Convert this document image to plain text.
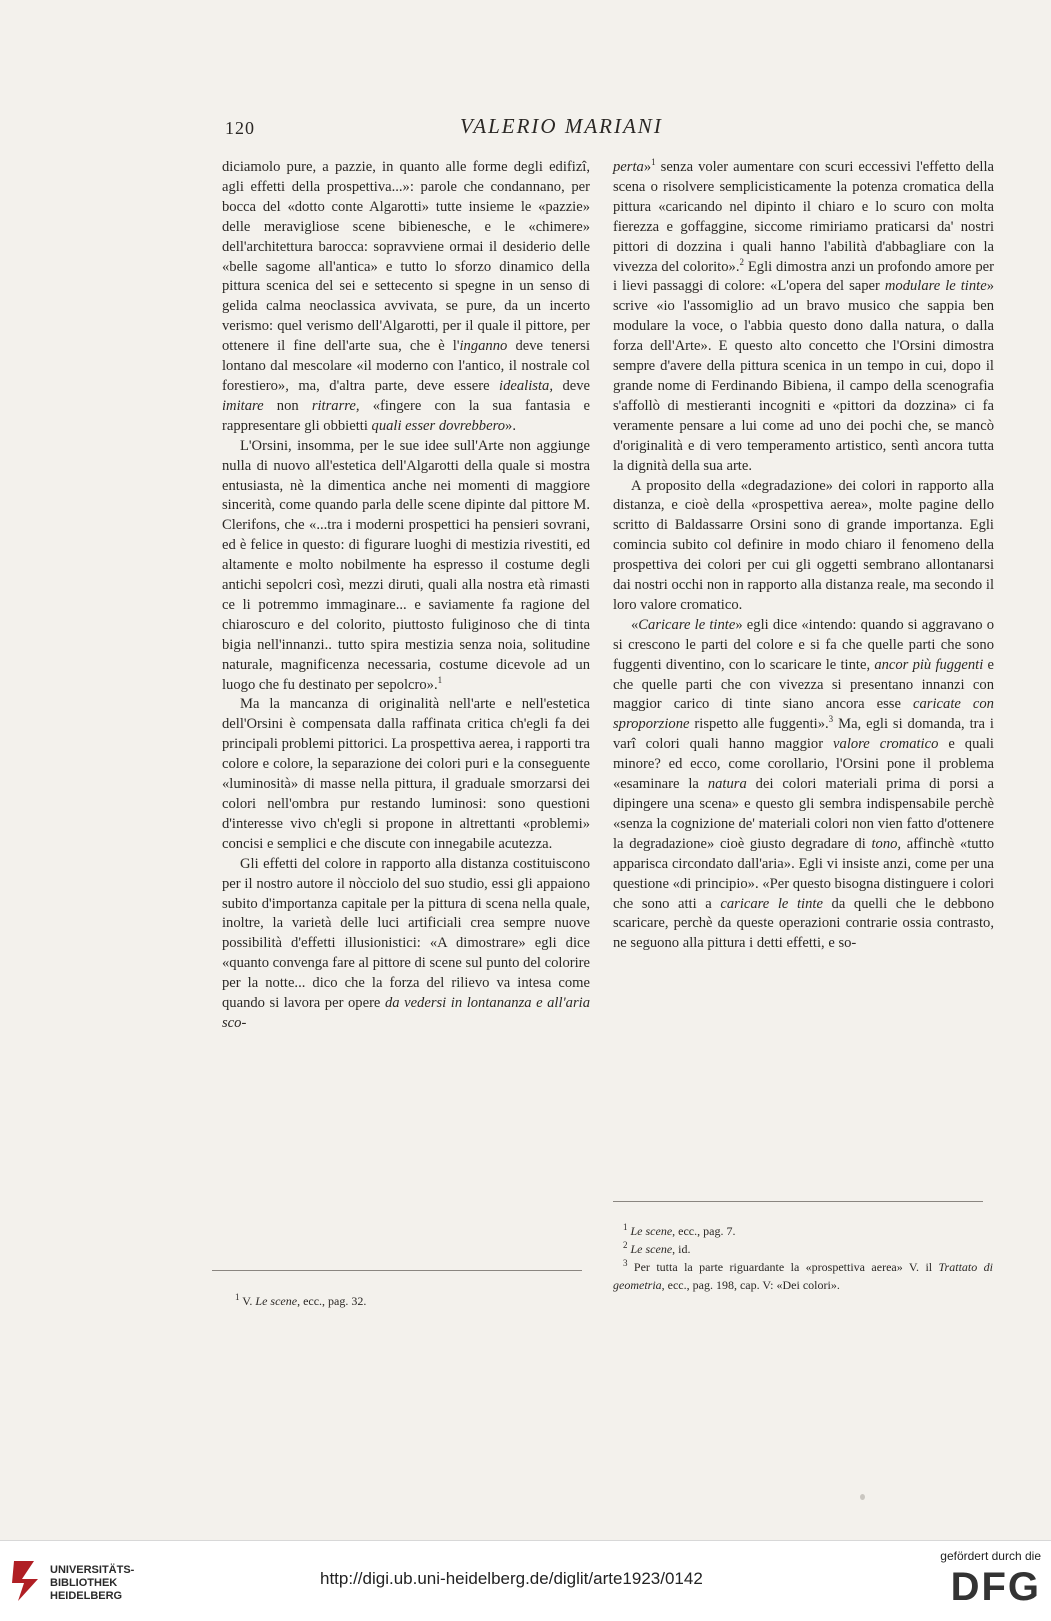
120	VALERIO MARIANI

diciamolo pure, a pazzie, in quanto alle forme degli edifizî, agli effetti della prospettiva...»: parole che condannano, per bocca del «dotto conte Algarotti» tutte insieme le «pazzie» delle meravigliose scene bibienesche, e le «chimere» dell'architettura barocca: sopravviene ormai il desiderio delle «belle sagome all'antica» e tutto lo sforzo dinamico della pittura scenica del sei e settecento si spegne in un senso di gelida calma neoclassica avvivata, se pure, da un incerto verismo: quel verismo dell'Algarotti, per il quale il pittore, per ottenere il fine dell'arte sua, che è l'inganno deve tenersi lontano dal mescolare «il moderno con l'antico, il nostrale col forestiero», ma, d'altra parte, deve essere idealista, deve imitare non ritrarre, «fingere con la sua fantasia e rappresentare gli obbietti quali esser dovrebbero».

L'Orsini, insomma, per le sue idee sull'Arte non aggiunge nulla di nuovo all'estetica dell'Algarotti della quale si mostra entusiasta, nè la dimentica anche nei momenti di maggiore sincerità, come quando parla delle scene dipinte dal pittore M. Clerifons, che «...tra i moderni prospettici ha pensieri sovrani, ed è felice in questo: di figurare luoghi di mestizia rivestiti, ed altamente e molto nobilmente ha espresso il costume degli antichi sepolcri così, mezzi diruti, quali alla nostra età rimasti ce li potremmo immaginare... e saviamente fa ragione del chiaroscuro e del colorito, piuttosto fuliginoso che di tinta bigia nell'innanzi.. tutto spira mestizia senza noia, solitudine naturale, magnificenza necessaria, costume dicevole ad un luogo che fu destinato per sepolcro».$^1$

Ma la mancanza di originalità nell'arte e nell'estetica dell'Orsini è compensata dalla raffinata critica ch'egli fa dei principali problemi pittorici. La prospettiva aerea, i rapporti tra colore e colore, la separazione dei colori puri e la conseguente «luminosità» di masse nella pittura, il graduale smorzarsi dei colori nell'ombra pur restando luminosi: sono questioni d'interesse vivo ch'egli si propone in altrettanti «problemi» concisi e semplici e che discute con innegabile acutezza.

Gli effetti del colore in rapporto alla distanza costituiscono per il nostro autore il nòcciolo del suo studio, essi gli appaiono subito d'importanza capitale per la pittura di scena nella quale, inoltre, la varietà delle luci artificiali crea sempre nuove possibilità d'effetti illusionistici: «A dimostrare» egli dice «quanto convenga fare al pittore di scene sul punto del colorire per la notte... dico che la forza del rilievo va intesa come quando si lavora per opere da vedersi in lontananza e all'aria sco-

perta»$^1$ senza voler aumentare con scuri eccessivi l'effetto della scena o risolvere semplicisticamente la potenza cromatica della pittura «caricando nel dipinto il chiaro e lo scuro con molta fierezza e goffaggine, siccome rimiriamo praticarsi da' nostri pittori di dozzina i quali hanno l'abilità d'abbagliare con la vivezza del colorito».$^2$ Egli dimostra anzi un profondo amore per i lievi passaggi di colore: «L'opera del saper modulare le tinte» scrive «io l'assomiglio ad un bravo musico che sappia ben modulare la voce, o l'abbia questo dono dalla natura, o dalla forza dell'Arte». E questo alto concetto che l'Orsini dimostra sempre d'avere della pittura scenica in un tempo in cui, dopo il grande nome di Ferdinando Bibiena, il campo della scenografia s'affollò di mestieranti incogniti e «pittori da dozzina» ci fa veramente pensare a lui come ad uno dei pochi che, se mancò d'originalità e di vero temperamento artistico, sentì ancora tutta la dignità della sua arte.

A proposito della «degradazione» dei colori in rapporto alla distanza, e cioè della «prospettiva aerea», molte pagine dello scritto di Baldassarre Orsini sono di grande importanza. Egli comincia subito col definire in modo chiaro il fenomeno della prospettiva dei colori per cui gli oggetti sembrano allontanarsi dai nostri occhi non in rapporto alla distanza reale, ma secondo il loro valore cromatico.

«Caricare le tinte» egli dice «intendo: quando si aggravano o si crescono le parti del colore e si fa che quelle parti che sono fuggenti diventino, con lo scaricare le tinte, ancor più fuggenti e che quelle parti che con vivezza si presentano innanzi con maggior carico di tinte siano ancora esse caricate con sproporzione rispetto alle fuggenti».$^3$ Ma, egli si domanda, tra i varî colori quali hanno maggior valore cromatico e quali minore? ed ecco, come corollario, l'Orsini pone il problema «esaminare la natura dei colori materiali prima di porsi a dipingere una scena» e questo gli sembra indispensabile perchè «senza la cognizione de' materiali colori non vien fatto d'ottenere la degradazione» cioè giusto degradare di tono, affinchè «tutto apparisca circondato dall'aria». Egli vi insiste anzi, come per una questione «di principio». «Per questo bisogna distinguere i colori che sono atti a caricare le tinte da quelli che le debbono scaricare, perchè da queste operazioni contrarie ossia contrasto, ne seguono alla pittura i detti effetti, e so-

$^1$ V. Le scene, ecc., pag. 32.

$^1$ Le scene, ecc., pag. 7.

$^2$ Le scene, id.

$^3$ Per tutta la parte riguardante la «prospettiva aerea» V. il Trattato di geometria, ecc., pag. 198, cap. V: «Dei colori».

UNIVERSITÄTS-
BIBLIOTHEK
HEIDELBERG
http://digi.ub.uni-heidelberg.de/diglit/arte1923/0142
gefördert durch die
DFG
